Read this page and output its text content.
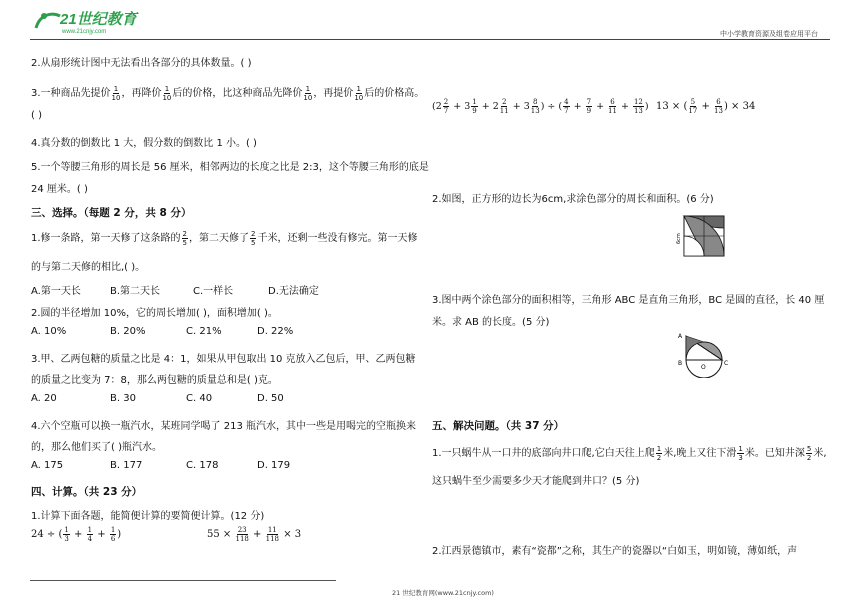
21世纪教育
www.21cnjy.com	中小学教育资源及组卷应用平台
2.从扇形统计图中无法看出各部分的具体数量。( )
3.一种商品先提价 $\frac{1}{10}$ ，再降价 $\frac{1}{10}$ 后的价格，比这种商品先降价 $\frac{1}{10}$ ，再提价 $\frac{1}{10}$ 后的价格高。
( )
4.真分数的倒数比 1 大，假分数的倒数比 1 小。( )
5.一个等腰三角形的周长是 56 厘米，相邻两边的长度之比是 2:3，这个等腰三角形的底是
24 厘米。( )
三、选择。（每题 2 分，共 8 分）
1.修一条路，第一天修了这条路的 $\frac{2}{5}$ ，第二天修了 $\frac{2}{5}$ 千米，还剩一些没有修完。第一天修
的与第二天修的相比,( )。
A.第一天长	B.第二天长	C.一样长	D.无法确定
2.圆的半径增加 10%，它的周长增加( )，面积增加( )。
A. 10%	B. 20%	C. 21%	D. 22%
3.甲、乙两包糖的质量之比是 4：1，如果从甲包取出 10 克放入乙包后，甲、乙两包糖
的质量之比变为 7：8，那么两包糖的质量总和是( )克。
A. 20	B. 30	C. 40	D. 50
4.六个空瓶可以换一瓶汽水，某班同学喝了 213 瓶汽水，其中一些是用喝完的空瓶换来
的，那么他们买了( )瓶汽水。
A. 175	B. 177	C. 178	D. 179
四、计算。（共 23 分）
1.计算下面各题，能简便计算的要简便计算。(12 分)
24 ÷ ( $\frac{1}{3} + \frac{1}{4} + \frac{1}{6}$ )	$55 \times \frac{23}{118} + \frac{11}{118} \times 3$
21 世纪教育网(www.21cnjy.com)
($2 \frac{2}{7} + 3 \frac{1}{9} + 2 \frac{2}{11} + 3 \frac{8}{13}$ ) ÷ ( $\frac{4}{7} + \frac{7}{9} + \frac{6}{11} + \frac{12}{13}$ ) 13 × ( $\frac{5}{17} + \frac{6}{13}$ ) × 34
2.如图，正方形的边长为6cm,求涂色部分的周长和面积。(6 分)
6cm
3.图中两个涂色部分的面积相等，三角形 ABC 是直角三角形，BC 是圆的直径，长 40 厘
米。求 AB 的长度。(5 分)
A
B
O
C
五、解决问题。（共 37 分）
1.一只蜗牛从一口井的底部向井口爬,它白天往上爬 $\frac{1}{2}$ 米,晚上又往下滑 $\frac{1}{3}$ 米。已知井深 $\frac{5}{2}$ 米,
这只蜗牛至少需要多少天才能爬到井口？(5 分)
2.江西景德镇市，素有“瓷都”之称，其生产的瓷器以“白如玉，明如镜，薄如纸，声
